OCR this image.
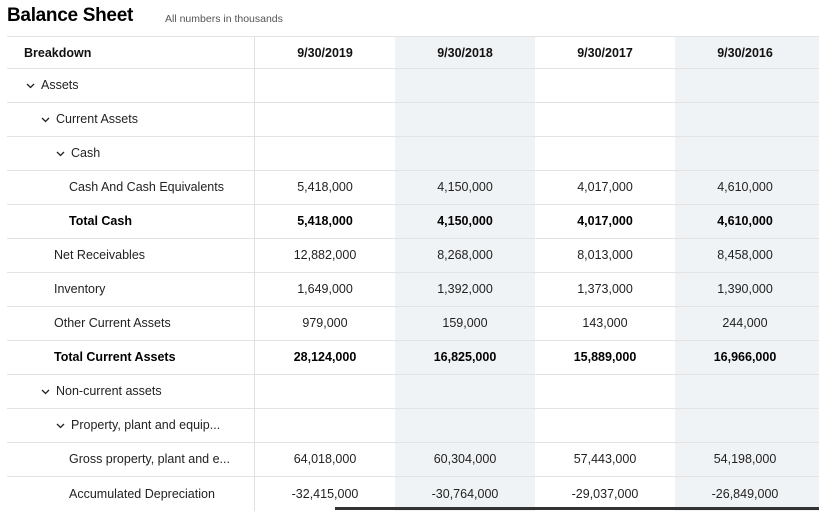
Balance Sheet	All numbers in thousands
Breakdown	9/30/2019	9/30/2018	9/30/2017	9/30/2016
Assets
Current Assets
Cash
Cash And Cash Equivalents	5,418,000	4,150,000	4,017,000	4,610,000
Total Cash	5,418,000	4,150,000	4,017,000	4,610,000
Net Receivables	12,882,000	8,268,000	8,013,000	8,458,000
Inventory	1,649,000	1,392,000	1,373,000	1,390,000
Other Current Assets	979,000	159,000	143,000	244,000
Total Current Assets	28,124,000	16,825,000	15,889,000	16,966,000
Non-current assets
Property, plant and equip...
Gross property, plant and e...	64,018,000	60,304,000	57,443,000	54,198,000
Accumulated Depreciation	-32,415,000	-30,764,000	-29,037,000	-26,849,000
